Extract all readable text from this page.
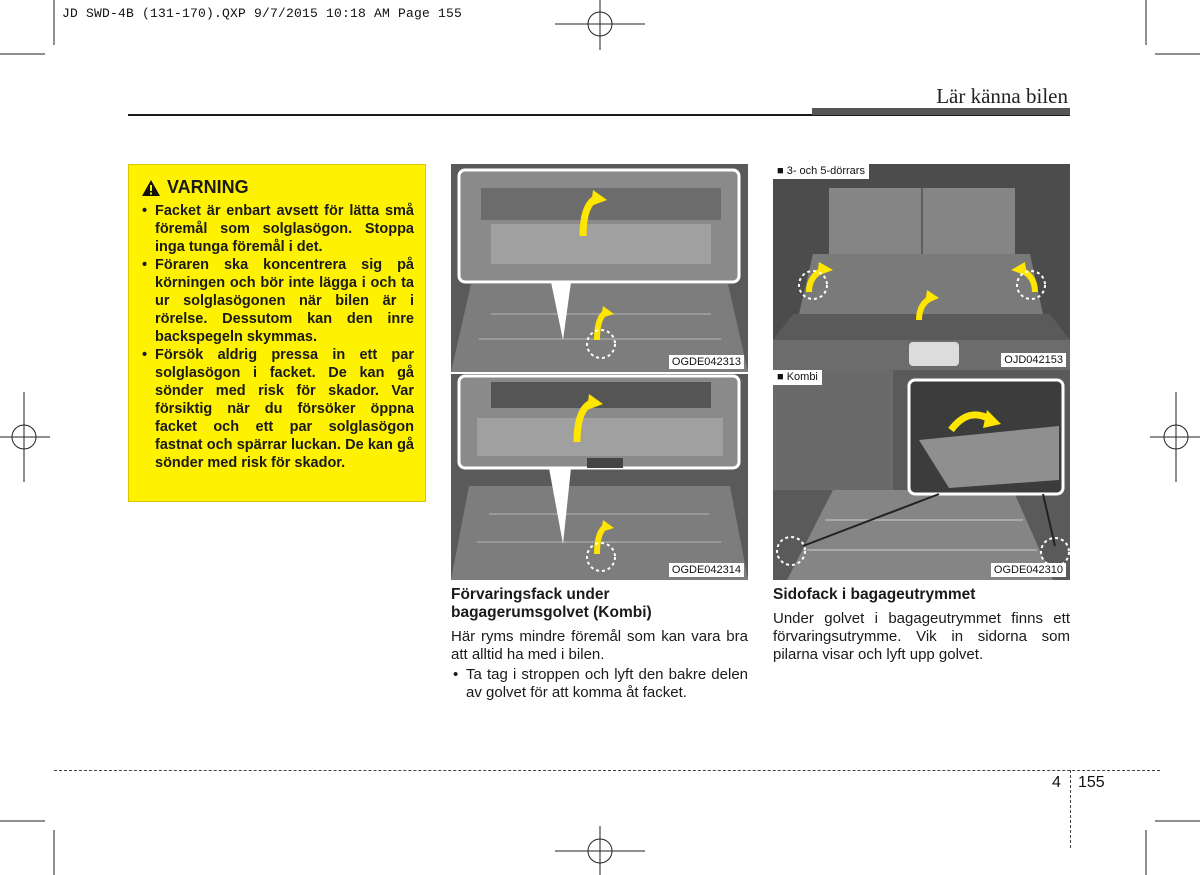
JD SWD-4B (131-170).QXP 9/7/2015 10:18 AM Page 155
Lär känna bilen
VARNING
• Facket är enbart avsett för lätta små föremål som solglasögon. Stoppa inga tunga föremål i det.
• Föraren ska koncentrera sig på körningen och bör inte lägga i och ta ur solglasögonen när bilen är i rörelse. Dessutom kan den inre backspegeln skymmas.
• Försök aldrig pressa in ett par solglasögon i facket. De kan gå sönder med risk för skador. Var försiktig när du försöker öppna facket och ett par solglasögon fastnat och spärrar luckan. De kan gå sönder med risk för skador.
OGDE042313
OGDE042314
■ 3- och 5-dörrars
OJD042153
■ Kombi
OGDE042310
Förvaringsfack under bagagerumsgolvet (Kombi)
Här ryms mindre föremål som kan vara bra att alltid ha med i bilen.
• Ta tag i stroppen och lyft den bakre delen av golvet för att komma åt facket.
Sidofack i bagageutrymmet
Under golvet i bagageutrymmet finns ett förvaringsutrymme. Vik in sidorna som pilarna visar och lyft upp golvet.
4 155
